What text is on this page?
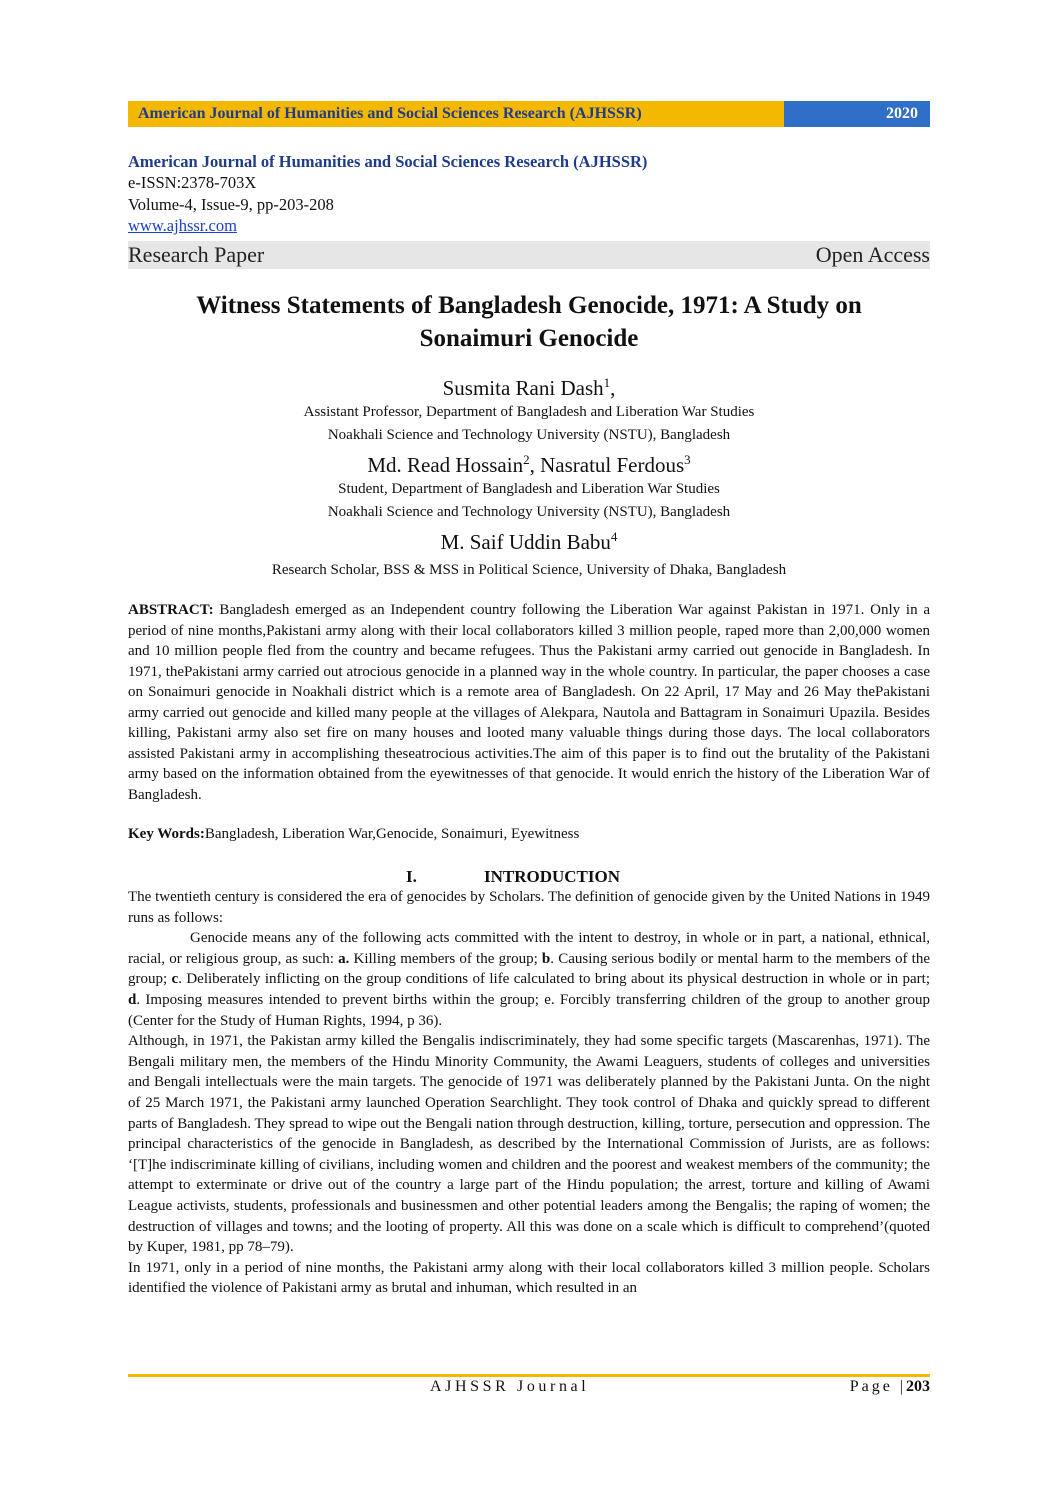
American Journal of Humanities and Social Sciences Research (AJHSSR)	2020
American Journal of Humanities and Social Sciences Research (AJHSSR)
e-ISSN:2378-703X
Volume-4, Issue-9, pp-203-208
www.ajhssr.com
Research Paper	Open Access
Witness Statements of Bangladesh Genocide, 1971: A Study on
Sonaimuri Genocide
Susmita Rani Dash$^1$,
Assistant Professor, Department of Bangladesh and Liberation War Studies
Noakhali Science and Technology University (NSTU), Bangladesh
Md. Read Hossain$^2$, Nasratul Ferdous$^3$
Student, Department of Bangladesh and Liberation War Studies
Noakhali Science and Technology University (NSTU), Bangladesh
M. Saif Uddin Babu$^4$
Research Scholar, BSS & MSS in Political Science, University of Dhaka, Bangladesh
ABSTRACT: Bangladesh emerged as an Independent country following the Liberation War against Pakistan in 1971. Only in a period of nine months,Pakistani army along with their local collaborators killed 3 million people, raped more than 2,00,000 women and 10 million people fled from the country and became refugees. Thus the Pakistani army carried out genocide in Bangladesh. In 1971, thePakistani army carried out atrocious genocide in a planned way in the whole country. In particular, the paper chooses a case on Sonaimuri genocide in Noakhali district which is a remote area of Bangladesh. On 22 April, 17 May and 26 May thePakistani army carried out genocide and killed many people at the villages of Alekpara, Nautola and Battagram in Sonaimuri Upazila. Besides killing, Pakistani army also set fire on many houses and looted many valuable things during those days. The local collaborators assisted Pakistani army in accomplishing theseatrocious activities.The aim of this paper is to find out the brutality of the Pakistani army based on the information obtained from the eyewitnesses of that genocide. It would enrich the history of the Liberation War of Bangladesh.
Key Words:Bangladesh, Liberation War,Genocide, Sonaimuri, Eyewitness
I.	INTRODUCTION

The twentieth century is considered the era of genocides by Scholars. The definition of genocide given by the United Nations in 1949 runs as follows:

Genocide means any of the following acts committed with the intent to destroy, in whole or in part, a national, ethnical, racial, or religious group, as such: a. Killing members of the group; b. Causing serious bodily or mental harm to the members of the group; c. Deliberately inflicting on the group conditions of life calculated to bring about its physical destruction in whole or in part; d. Imposing measures intended to prevent births within the group; e. Forcibly transferring children of the group to another group (Center for the Study of Human Rights, 1994, p 36).

Although, in 1971, the Pakistan army killed the Bengalis indiscriminately, they had some specific targets (Mascarenhas, 1971). The Bengali military men, the members of the Hindu Minority Community, the Awami Leaguers, students of colleges and universities and Bengali intellectuals were the main targets. The genocide of 1971 was deliberately planned by the Pakistani Junta. On the night of 25 March 1971, the Pakistani army launched Operation Searchlight. They took control of Dhaka and quickly spread to different parts of Bangladesh. They spread to wipe out the Bengali nation through destruction, killing, torture, persecution and oppression. The principal characteristics of the genocide in Bangladesh, as described by the International Commission of Jurists, are as follows: ‘[T]he indiscriminate killing of civilians, including women and children and the poorest and weakest members of the community; the attempt to exterminate or drive out of the country a large part of the Hindu population; the arrest, torture and killing of Awami League activists, students, professionals and businessmen and other potential leaders among the Bengalis; the raping of women; the destruction of villages and towns; and the looting of property. All this was done on a scale which is difficult to comprehend’(quoted by Kuper, 1981, pp 78–79).

In 1971, only in a period of nine months, the Pakistani army along with their local collaborators killed 3 million people. Scholars identified the violence of Pakistani army as brutal and inhuman, which resulted in an

AJHSSR Journal	Page |203
